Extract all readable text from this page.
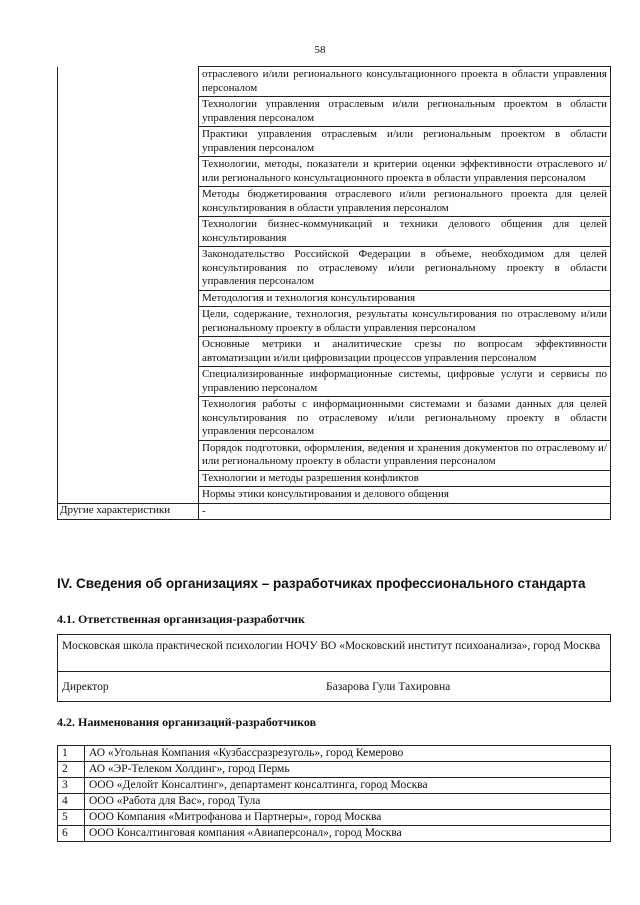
58
	отраслевого и/или регионального консультационного проекта в области управления персоналом
	Технологии управления отраслевым и/или региональным проектом в области управления персоналом
	Практики управления отраслевым и/или региональным проектом в области управления персоналом
	Технологии, методы, показатели и критерии оценки эффективности отраслевого и/или регионального консультационного проекта в области управления персоналом
	Методы бюджетирования отраслевого и/или регионального проекта для целей консультирования в области управления персоналом
	Технологии бизнес-коммуникаций и техники делового общения для целей консультирования
	Законодательство Российской Федерации в объеме, необходимом для целей консультирования по отраслевому и/или региональному проекту в области управления персоналом
	Методология и технология консультирования
	Цели, содержание, технология, результаты консультирования по отраслевому и/или региональному проекту в области управления персоналом
	Основные метрики и аналитические срезы по вопросам эффективности автоматизации и/или цифровизации процессов управления персоналом
	Специализированные информационные системы, цифровые услуги и сервисы по управлению персоналом
	Технология работы с информационными системами и базами данных для целей консультирования по отраслевому и/или региональному проекту в области управления персоналом
	Порядок подготовки, оформления, ведения и хранения документов по отраслевому и/или региональному проекту в области управления персоналом
	Технологии и методы разрешения конфликтов
	Нормы этики консультирования и делового общения
Другие характеристики	-
IV. Сведения об организациях – разработчиках профессионального стандарта
4.1. Ответственная организация-разработчик
Московская школа практической психологии НОЧУ ВО «Московский институт психоанализа», город Москва
Директор	Базарова Гули Тахировна
4.2. Наименования организаций-разработчиков
1	АО «Угольная Компания «Кузбассразрезуголь», город Кемерово
2	АО «ЭР-Телеком Холдинг», город Пермь
3	ООО «Делойт Консалтинг», департамент консалтинга, город Москва
4	ООО «Работа для Вас», город Тула
5	ООО Компания «Митрофанова и Партнеры», город Москва
6	ООО Консалтинговая компания «Авиаперсонал», город Москва
